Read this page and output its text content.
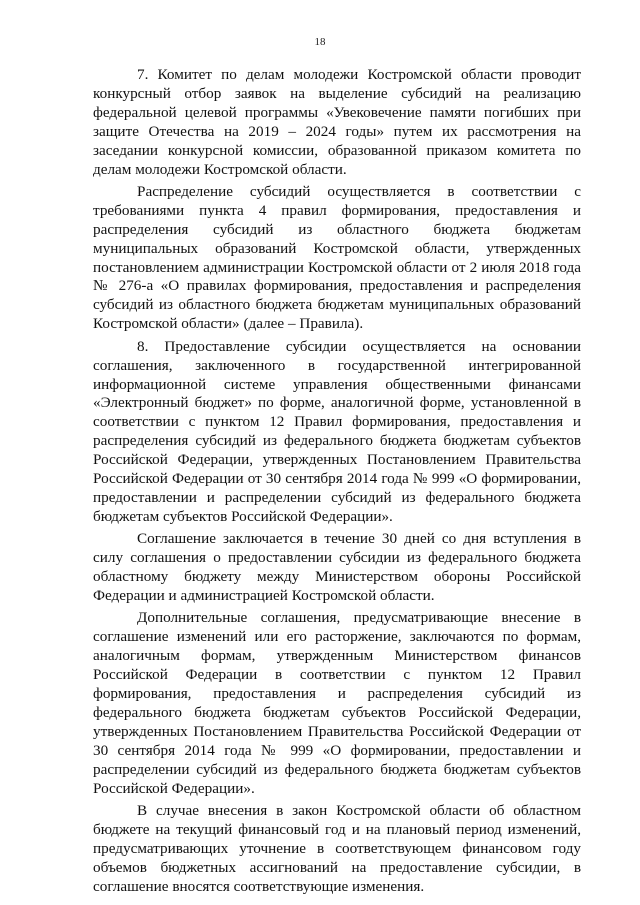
18

7. Комитет по делам молодежи Костромской области проводит конкурсный отбор заявок на выделение субсидий на реализацию федеральной целевой программы «Увековечение памяти погибших при защите Отечества на 2019 – 2024 годы» путем их рассмотрения на заседании конкурсной комиссии, образованной приказом комитета по делам молодежи Костромской области.

Распределение субсидий осуществляется в соответствии с требованиями пункта 4 правил формирования, предоставления и распределения субсидий из областного бюджета бюджетам муниципальных образований Костромской области, утвержденных постановлением администрации Костромской области от 2 июля 2018 года № 276-а «О правилах формирования, предоставления и распределения субсидий из областного бюджета бюджетам муниципальных образований Костромской области» (далее – Правила).

8. Предоставление субсидии осуществляется на основании соглашения, заключенного в государственной интегрированной информационной системе управления общественными финансами «Электронный бюджет» по форме, аналогичной форме, установленной в соответствии с пунктом 12 Правил формирования, предоставления и распределения субсидий из федерального бюджета бюджетам субъектов Российской Федерации, утвержденных Постановлением Правительства Российской Федерации от 30 сентября 2014 года № 999 «О формировании, предоставлении и распределении субсидий из федерального бюджета бюджетам субъектов Российской Федерации».

Соглашение заключается в течение 30 дней со дня вступления в силу соглашения о предоставлении субсидии из федерального бюджета областному бюджету между Министерством обороны Российской Федерации и администрацией Костромской области.

Дополнительные соглашения, предусматривающие внесение в соглашение изменений или его расторжение, заключаются по формам, аналогичным формам, утвержденным Министерством финансов Российской Федерации в соответствии с пунктом 12 Правил формирования, предоставления и распределения субсидий из федерального бюджета бюджетам субъектов Российской Федерации, утвержденных Постановлением Правительства Российской Федерации от 30 сентября 2014 года № 999 «О формировании, предоставлении и распределении субсидий из федерального бюджета бюджетам субъектов Российской Федерации».

В случае внесения в закон Костромской области об областном бюджете на текущий финансовый год и на плановый период изменений, предусматривающих уточнение в соответствующем финансовом году объемов бюджетных ассигнований на предоставление субсидии, в соглашение вносятся соответствующие изменения.
